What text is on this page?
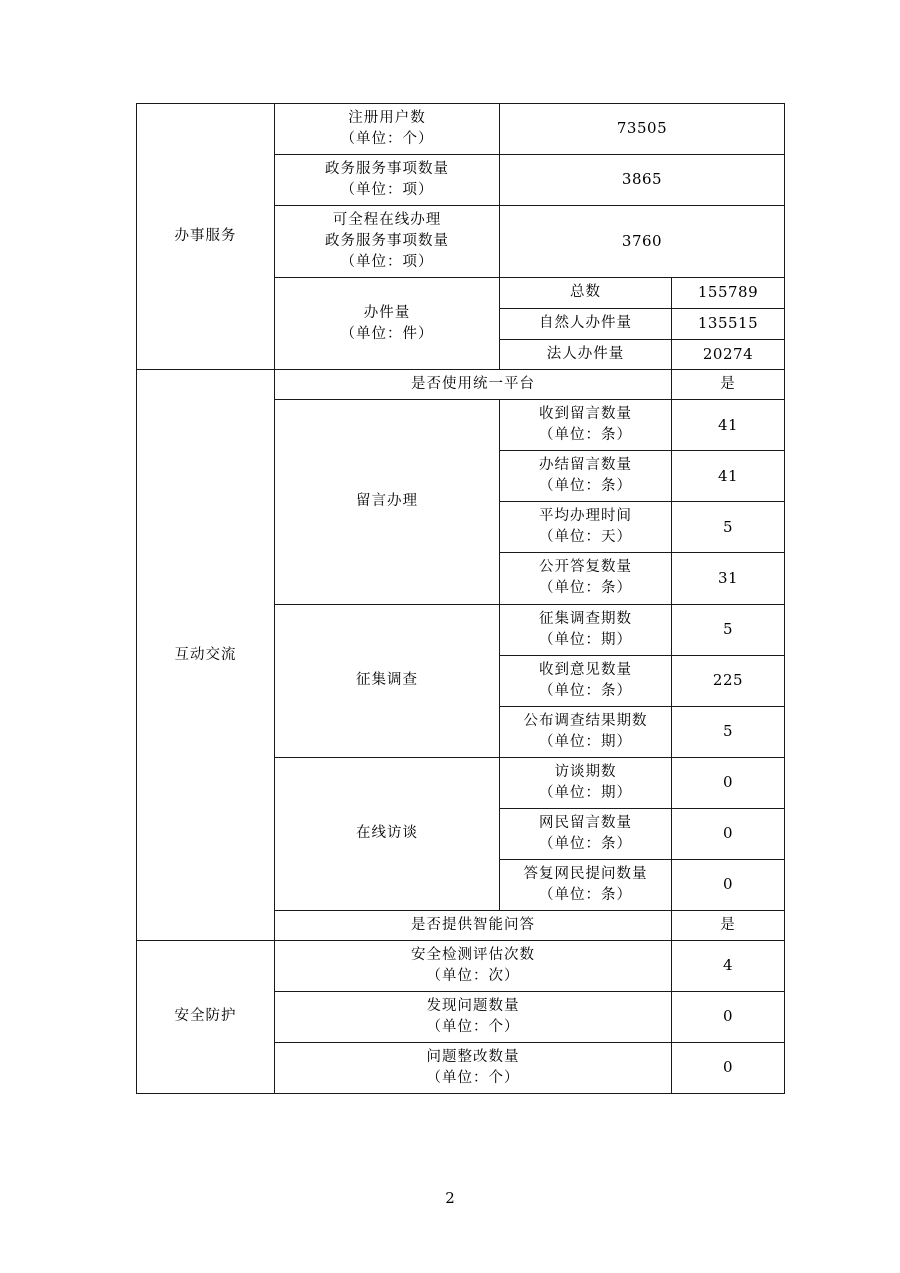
办事服务	注册用户数
（单位：个）	73505	

	政务服务事项数量
（单位：项）	3865	

	可全程在线办理
政务服务事项数量
（单位：项）	3760	

	办件量
（单位：件）	总数	155789
		自然人办件量	135515
		法人办件量	20274
互动交流	是否使用统一平台		是
	留言办理	收到留言数量
（单位：条）	41

		办结留言数量
（单位：条）	41

		平均办理时间
（单位：天）	5

		公开答复数量
（单位：条）	31
	征集调查	征集调查期数
（单位：期）	5

		收到意见数量
（单位：条）	225

		公布调查结果期数
（单位：期）	5
	在线访谈	访谈期数
（单位：期）	0

		网民留言数量
（单位：条）	0

		答复网民提问数量
（单位：条）	0
	是否提供智能问答		是
安全防护	安全检测评估次数
（单位：次）		4

	发现问题数量
（单位：个）		0

	问题整改数量
（单位：个）		0
2
